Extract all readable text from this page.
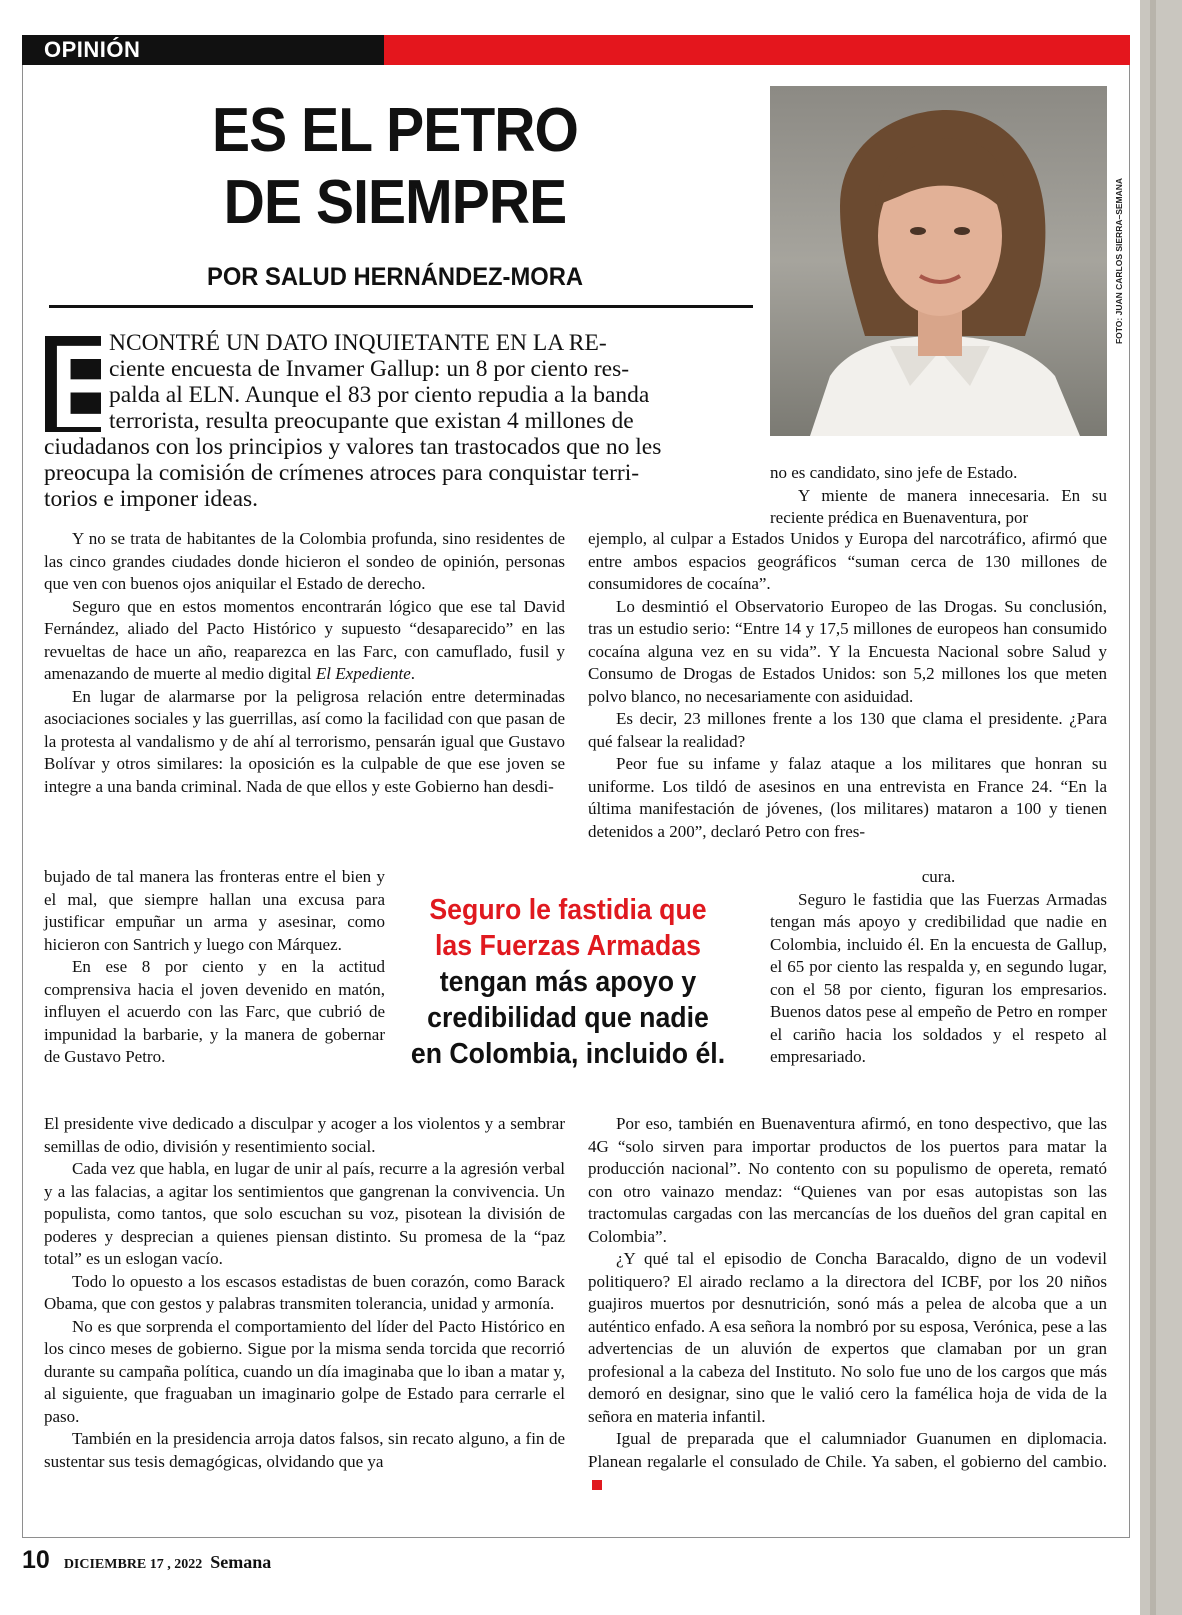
OPINIÓN
ES EL PETRO
DE SIEMPRE
POR SALUD HERNÁNDEZ-MORA	FOTO: JUAN CARLOS SIERRA–SEMANA
E

NCONTRÉ UN DATO INQUIETANTE EN LA RE-

ciente encuesta de Invamer Gallup: un 8 por ciento res-

palda al ELN. Aunque el 83 por ciento repudia a la banda

terrorista, resulta preocupante que existan 4 millones de

ciudadanos con los principios y valores tan trastocados que no les

preocupa la comisión de crímenes atroces para conquistar terri-

torios e imponer ideas.

Y no se trata de habitantes de la Colombia profunda, sino residentes de las cinco grandes ciudades donde hicieron el sondeo de opinión, personas que ven con buenos ojos aniquilar el Estado de derecho.

Seguro que en estos momentos encontrarán lógico que ese tal David Fernández, aliado del Pacto Histórico y supuesto “desaparecido” en las revueltas de hace un año, reaparezca en las Farc, con camuflado, fusil y amenazando de muerte al medio digital El Expediente.

En lugar de alarmarse por la peligrosa relación entre determinadas asociaciones sociales y las guerrillas, así como la facilidad con que pasan de la protesta al vandalismo y de ahí al terrorismo, pensarán igual que Gustavo Bolívar y otros similares: la oposición es la culpable de que ese joven se integre a una banda criminal. Nada de que ellos y este Gobierno han desdi-

bujado de tal manera las fronteras entre el bien y el mal, que siempre hallan una excusa para justificar empuñar un arma y asesinar, como hicieron con Santrich y luego con Márquez.

En ese 8 por ciento y en la actitud comprensiva hacia el joven devenido en matón, influyen el acuerdo con las Farc, que cubrió de impunidad la barbarie, y la manera de gobernar de Gustavo Petro.

El presidente vive dedicado a disculpar y acoger a los violentos y a sembrar semillas de odio, división y resentimiento social.

Cada vez que habla, en lugar de unir al país, recurre a la agresión verbal y a las falacias, a agitar los sentimientos que gangrenan la convivencia. Un populista, como tantos, que solo escuchan su voz, pisotean la división de poderes y desprecian a quienes piensan distinto. Su promesa de la “paz total” es un eslogan vacío.

Todo lo opuesto a los escasos estadistas de buen corazón, como Barack Obama, que con gestos y palabras transmiten tolerancia, unidad y armonía.

No es que sorprenda el comportamiento del líder del Pacto Histórico en los cinco meses de gobierno. Sigue por la misma senda torcida que recorrió durante su campaña política, cuando un día imaginaba que lo iban a matar y, al siguiente, que fraguaban un imaginario golpe de Estado para cerrarle el paso.

También en la presidencia arroja datos falsos, sin recato alguno, a fin de sustentar sus tesis demagógicas, olvidando que ya

no es candidato, sino jefe de Estado.

Y miente de manera innecesaria. En su reciente prédica en Buenaventura, por

ejemplo, al culpar a Estados Unidos y Europa del narcotráfico, afirmó que entre ambos espacios geográficos “suman cerca de 130 millones de consumidores de cocaína”.

Lo desmintió el Observatorio Europeo de las Drogas. Su conclusión, tras un estudio serio: “Entre 14 y 17,5 millones de europeos han consumido cocaína alguna vez en su vida”. Y la Encuesta Nacional sobre Salud y Consumo de Drogas de Estados Unidos: son 5,2 millones los que meten polvo blanco, no necesariamente con asiduidad.

Es decir, 23 millones frente a los 130 que clama el presidente. ¿Para qué falsear la realidad?

Peor fue su infame y falaz ataque a los militares que honran su uniforme. Los tildó de asesinos en una entrevista en France 24. “En la última manifestación de jóvenes, (los militares) mataron a 100 y tienen detenidos a 200”, declaró Petro con fres-

cura.

Seguro le fastidia que las Fuerzas Armadas tengan más apoyo y credibilidad que nadie en Colombia, incluido él. En la encuesta de Gallup, el 65 por ciento las respalda y, en segundo lugar, con el 58 por ciento, figuran los empresarios. Buenos datos pese al empeño de Petro en romper el cariño hacia los soldados y el respeto al empresariado.

Por eso, también en Buenaventura afirmó, en tono despectivo, que las 4G “solo sirven para importar productos de los puertos para matar la producción nacional”. No contento con su populismo de opereta, remató con otro vainazo mendaz: “Quienes van por esas autopistas son las tractomulas cargadas con las mercancías de los dueños del gran capital en Colombia”.

¿Y qué tal el episodio de Concha Baracaldo, digno de un vodevil politiquero? El airado reclamo a la directora del ICBF, por los 20 niños guajiros muertos por desnutrición, sonó más a pelea de alcoba que a un auténtico enfado. A esa señora la nombró por su esposa, Verónica, pese a las advertencias de un aluvión de expertos que clamaban por un gran profesional a la cabeza del Instituto. No solo fue uno de los cargos que más demoró en designar, sino que le valió cero la famélica hoja de vida de la señora en materia infantil.

Igual de preparada que el calumniador Guanumen en diplomacia. Planean regalarle el consulado de Chile. Ya saben, el gobierno del cambio.

Seguro le fastidia que
las Fuerzas Armadas
tengan más apoyo y
credibilidad que nadie
en Colombia, incluido él.
10 DICIEMBRE 17 , 2022 Semana
